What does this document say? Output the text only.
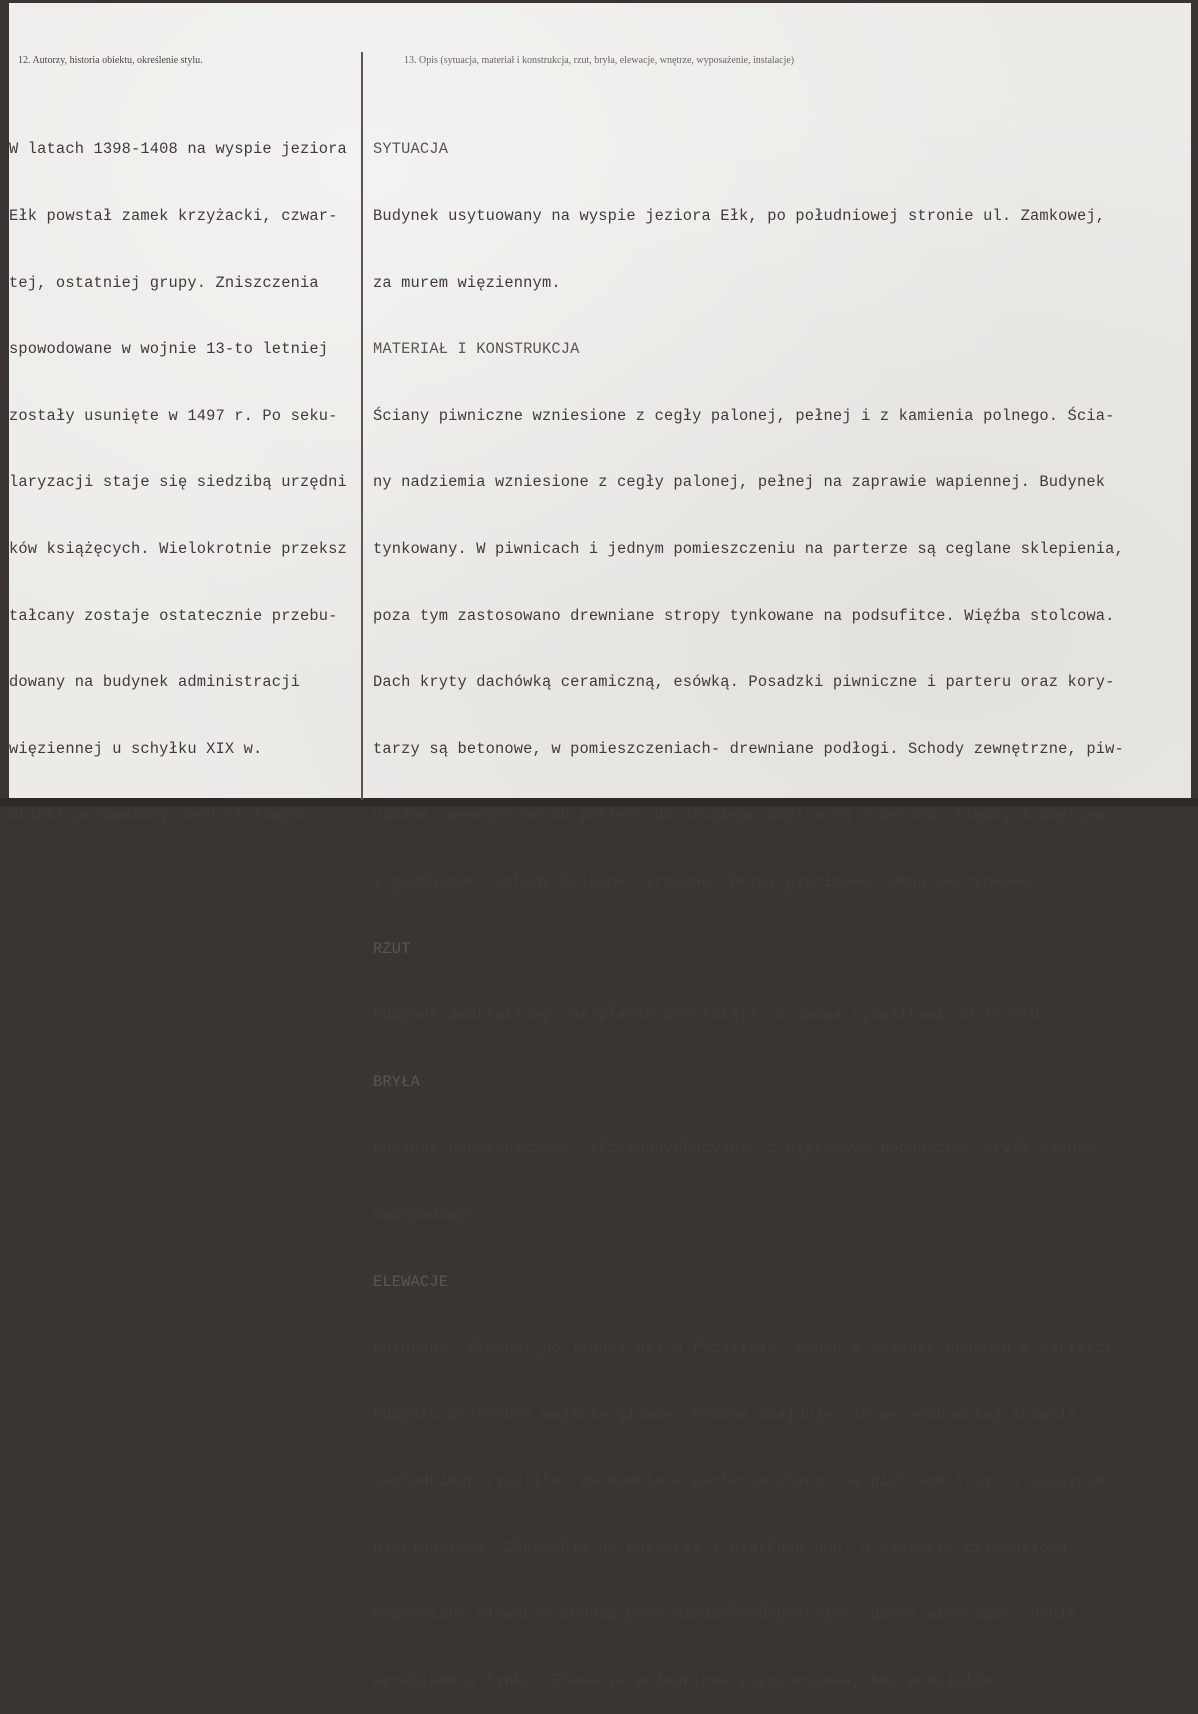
12. Autorzy, historia obiektu, określenie stylu.	13. Opis (sytuacja, materiał i konstrukcja, rzut, bryła, elewacje, wnętrze, wyposażenie, instalacje)

W latach 1398-1408 na wyspie jeziora

Ełk powstał zamek krzyżacki, czwar-

tej, ostatniej grupy. Zniszczenia

spowodowane w wojnie 13-to letniej

zostały usunięte w 1497 r. Po seku-

laryzacji staje się siedzibą urzędni

ków książęcych. Wielokrotnie przeksz

tałcany zostaje ostatecznie przebu-

dowany na budynek administracji

więziennej u schyłku XIX w.

Obiekt pozbawiony cech stylowych.

SYTUACJA

Budynek usytuowany na wyspie jeziora Ełk, po południowej stronie ul. Zamkowej,

za murem więziennym.

MATERIAŁ I KONSTRUKCJA

Ściany piwniczne wzniesione z cegły palonej, pełnej i z kamienia polnego. Ścia-

ny nadziemia wzniesione z cegły palonej, pełnej na zaprawie wapiennej. Budynek

tynkowany. W piwnicach i jednym pomieszczeniu na parterze są ceglane sklepienia,

poza tym zastosowano drewniane stropy tynkowane na podsufitce. Więźba stolcowa.

Dach kryty dachówką ceramiczną, esówką. Posadzki piwniczne i parteru oraz kory-

tarzy są betonowe, w pomieszczeniach- drewniane podłogi. Schody zewnętrzne, piw-

niczne, wewnętrzne od parteru do drugiego piętra są z betonu, między 1 piętrem

i poddaszem- schody żeliwne, kręcone. Drzwi płycinowe. Okna skrzynkowe.

RZUT

Budynek dwutraktowy, na planie prostokąta, z dwoma ryzalitami od frontu.

BRYŁA

Budynek podpiwniczony, trzykondygnacyjny, z użytkowym poddaszem, kryty dachem

dwuspadowym.

ELEWACJE

Północna /główna/ po jednej osi w ryzalicie, dwóch w ścianie budynku.W parterze

budynku przeprute wejście główne, boczne znajduje się we wschodniej ścianie,

zachodniego ryzalitu. Wschodnia w parterze ztero- na piętrach trzy- w szczycie

pięcioosiowa. Zachodnia na parterze i piętrach dwu- w szczycie czterosiowa.

Wspomniane elewacje zdobią pasy międzykondygnacyjne, gzyms wieńczący, bonie

wyrabiane w tynku. Elewacja południowa pięcioosiowa, bez podziałów.
